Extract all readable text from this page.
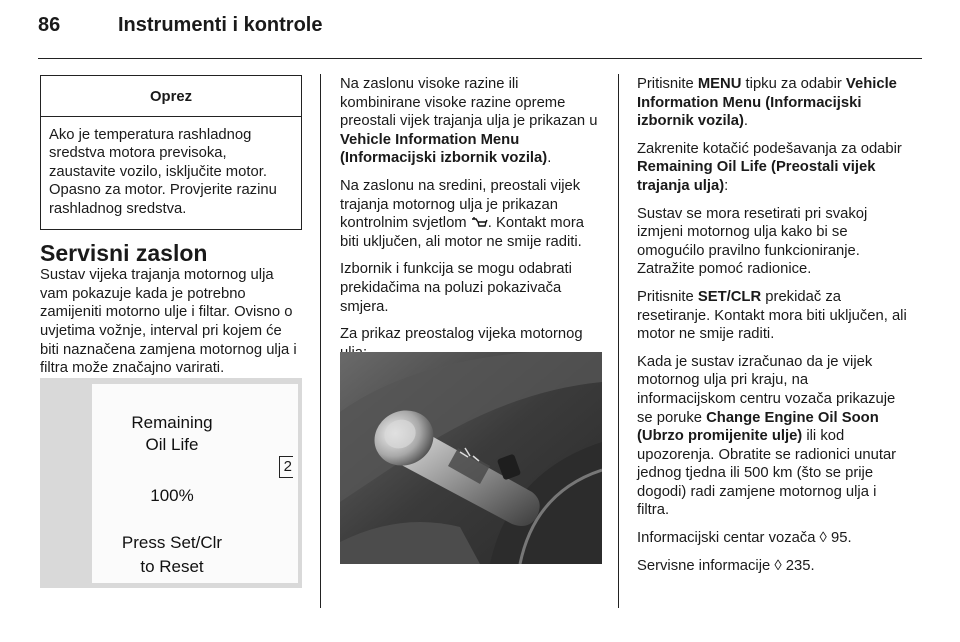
86	Instrumenti i kontrole
Oprez
Ako je temperatura rashladnog sredstva motora previsoka, zaustavite vozilo, isključite motor. Opasno za motor. Provjerite razinu rashladnog sredstva.
Servisni zaslon

Sustav vijeka trajanja motornog ulja vam pokazuje kada je potrebno zamijeniti motorno ulje i filtar. Ovisno o uvjetima vožnje, interval pri kojem će biti naznačena zamjena motornog ulja i filtra može značajno varirati.

Remaining
Oil Life
100%
Press Set/Clr
to Reset
2

Na zaslonu visoke razine ili kombinirane visoke razine opreme preostali vijek trajanja ulja je prikazan u Vehicle Information Menu (Informacijski izbornik vozila).

Na zaslonu na sredini, preostali vijek trajanja motornog ulja je prikazan kontrolnim svjetlom . Kontakt mora biti uključen, ali motor ne smije raditi.

Izbornik i funkcija se mogu odabrati prekidačima na poluzi pokazivača smjera.

Za prikaz preostalog vijeka motornog

Pritisnite MENU tipku za odabir Vehicle Information Menu (Informacijski izbornik vozila).

Zakrenite kotačić podešavanja za odabir Remaining Oil Life (Preostali vijek trajanja ulja):

Sustav se mora resetirati pri svakoj izmjeni motornog ulja kako bi se omogućilo pravilno funkcioniranje. Zatražite pomoć radionice.

Pritisnite SET/CLR prekidač za resetiranje. Kontakt mora biti uključen, ali motor ne smije raditi.

Kada je sustav izračunao da je vijek motornog ulja pri kraju, na informacijskom centru vozača prikazuje se poruke Change Engine Oil Soon (Ubrzo promijenite ulje) ili kod upozorenja. Obratite se radionici unutar jednog tjedna ili 500 km (što se prije dogodi) radi zamjene motornog ulja i filtra.

Informacijski centar vozača ◊ 95.

Servisne informacije ◊ 235.
